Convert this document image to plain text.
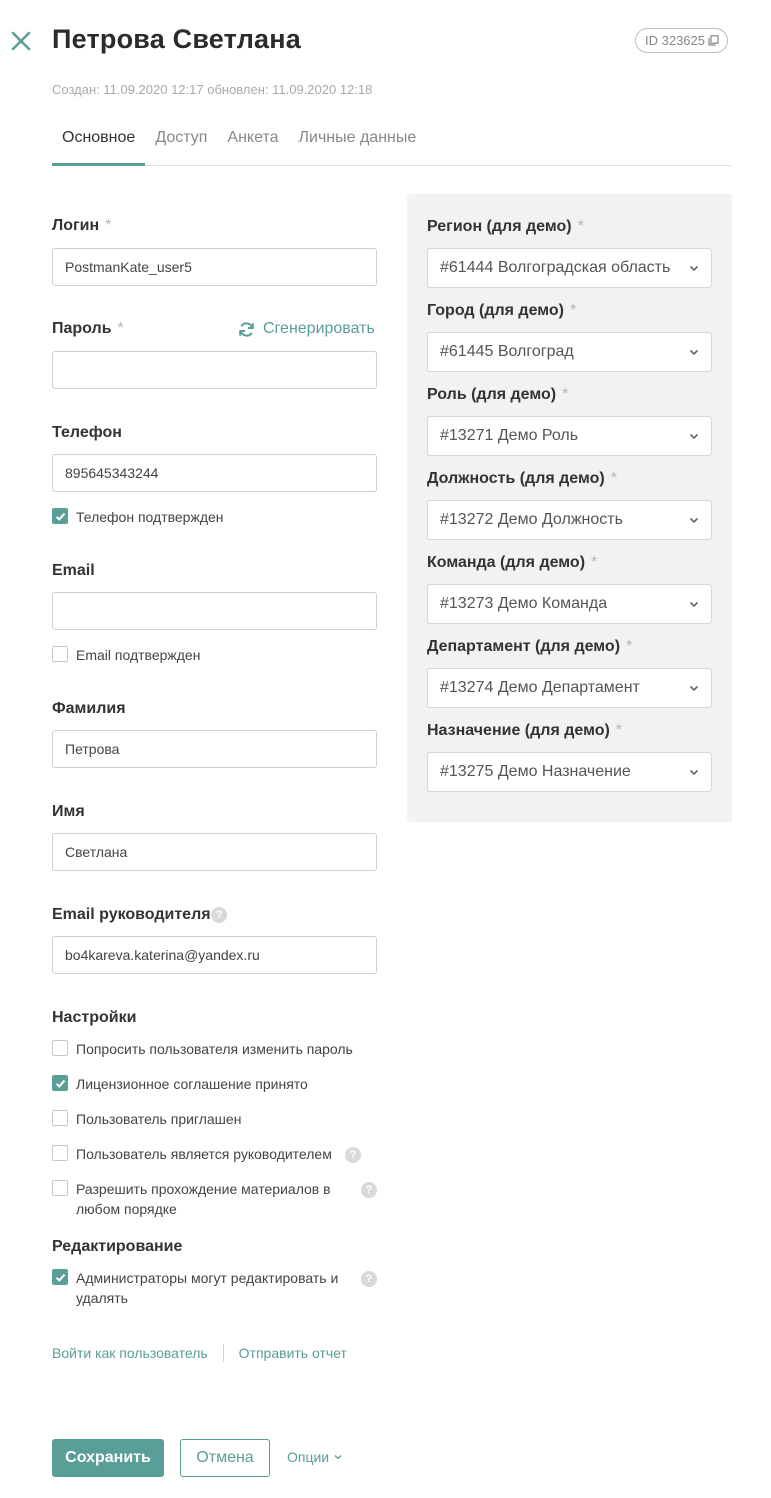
Петрова Светлана	ID 323625
Создан: 11.09.2020 12:17 обновлен: 11.09.2020 12:18
Основное	Доступ	Анкета	Личные данные
Логин *
PostmanKate_user5
Пароль *	Сгенерировать
Телефон
895645343244
Телефон подтвержден
Email
Email подтвержден
Фамилия
Петрова
Имя
Светлана
Email руководителя ?
bo4kareva.katerina@yandex.ru
Настройки
Попросить пользователя изменить пароль
Лицензионное соглашение принято
Пользователь приглашен
Пользователь является руководителем	?
Разрешить прохождение материалов в любом порядке
?
Редактирование
Администраторы могут редактировать и удалять
?
Регион (для демо) *
#61444 Волгоградская область
Город (для демо) *
#61445 Волгоград
Роль (для демо) *
#13271 Демо Роль
Должность (для демо) *
#13272 Демо Должность
Команда (для демо) *
#13273 Демо Команда
Департамент (для демо) *
#13274 Демо Департамент
Назначение (для демо) *
#13275 Демо Назначение
Войти как пользователь Отправить отчет
Сохранить	Отмена	Опции
